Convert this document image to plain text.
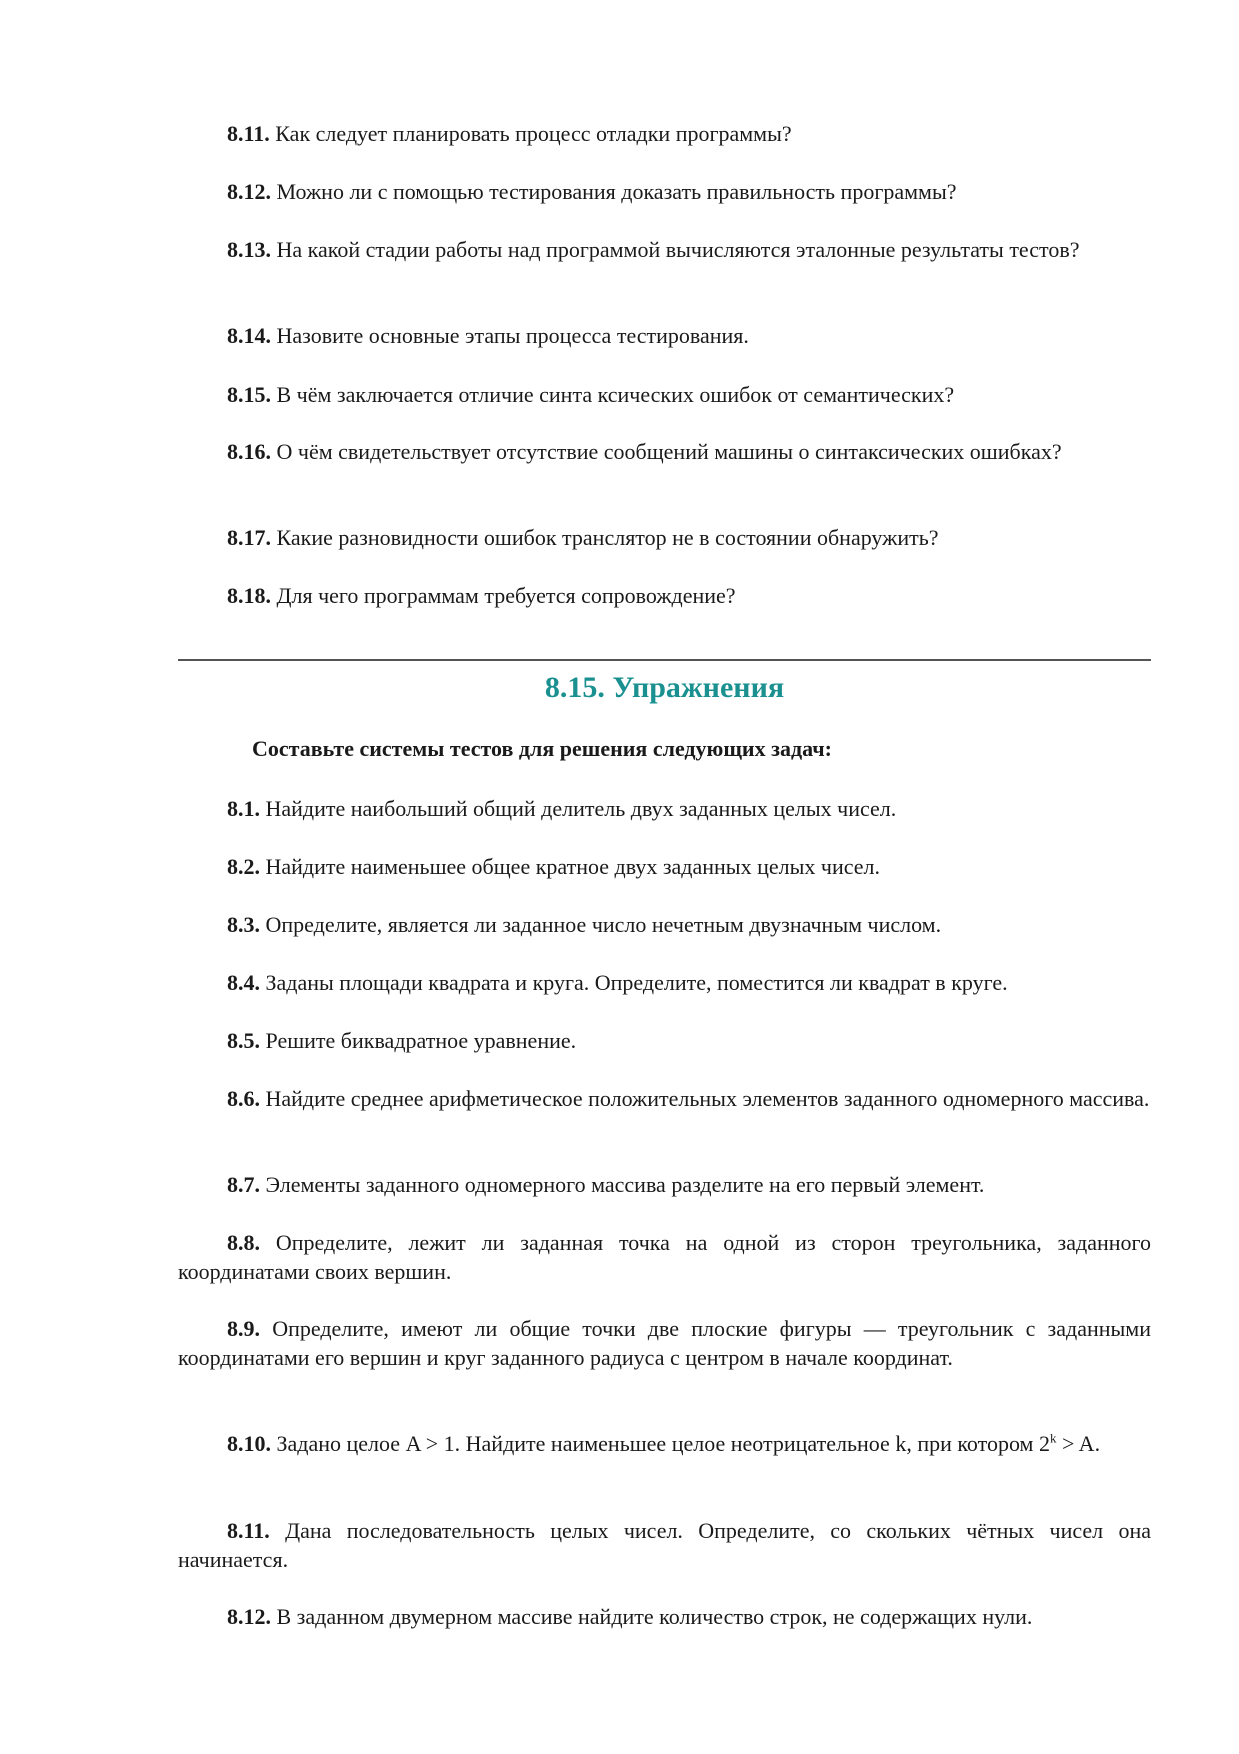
8.11. Как следует планировать процесс отладки программы?

8.12. Можно ли с помощью тестирования доказать правильность программы?

8.13. На какой стадии работы над программой вычисляются эталонные результаты тестов?

8.14. Назовите основные этапы процесса тестирования.

8.15. В чём заключается отличие синта ксических ошибок от семантических?

8.16. О чём свидетельствует отсутствие сообщений машины о синтаксических ошибках?

8.17. Какие разновидности ошибок транслятор не в состоянии обнаружить?

8.18. Для чего программам требуется сопровождение?

8.15. Упражнения

Составьте системы тестов для решения следующих задач:

8.1. Найдите наибольший общий делитель двух заданных целых чисел.

8.2. Найдите наименьшее общее кратное двух заданных целых чисел.

8.3. Определите, является ли заданное число нечетным двузначным числом.

8.4. Заданы площади квадрата и круга. Определите, поместится ли квадрат в круге.

8.5. Решите биквадратное уравнение.

8.6. Найдите среднее арифметическое положительных элементов заданного одномерного массива.

8.7. Элементы заданного одномерного массива разделите на его первый элемент.

8.8. Определите, лежит ли заданная точка на одной из сторон треугольника, заданного координатами своих вершин.

8.9. Определите, имеют ли общие точки две плоские фигуры — треугольник с заданными координатами его вершин и круг заданного радиуса с центром в начале координат.

8.10. Задано целое A > 1. Найдите наименьшее целое неотрицательное k, при котором $2^k > A$.

8.11. Дана последовательность целых чисел. Определите, со скольких чётных чисел она начинается.

8.12. В заданном двумерном массиве найдите количество строк, не содержащих нули.
